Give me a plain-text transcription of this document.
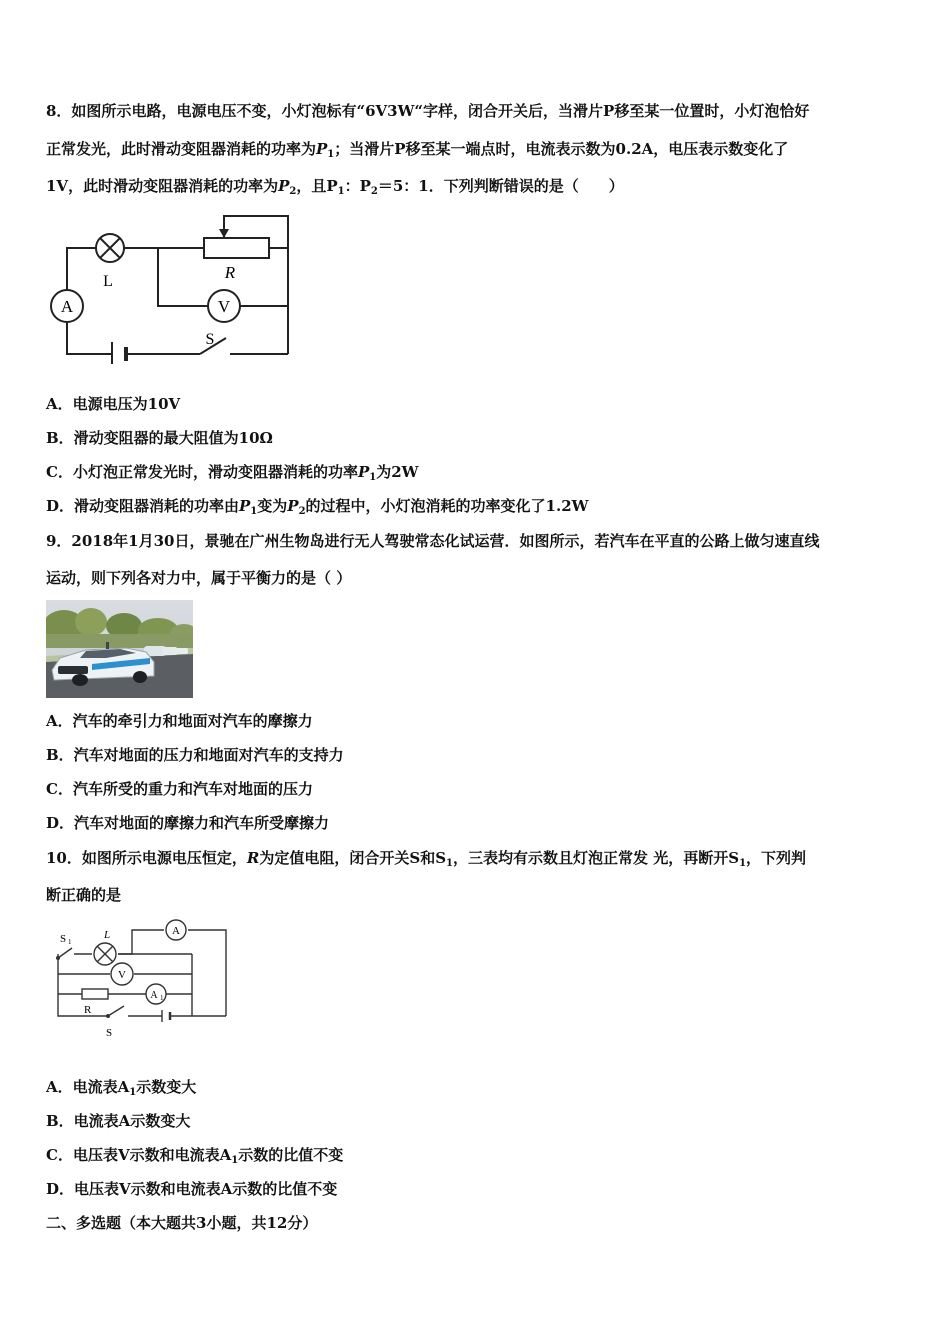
8．如图所示电路，电源电压不变，小灯泡标有“6V3W“字样，闭合开关后，当滑片P移至某一位置时，小灯泡恰好
正常发光，此时滑动变阻器消耗的功率为$P_1$；当滑片P移至某一端点时，电流表示数为0.2A，电压表示数变化了
1V，此时滑动变阻器消耗的功率为$P_2$，且$P_1$：$P_2=5$：1．下列判断错误的是（　　）
A	V
L	R
S
A．电源电压为10V
B．滑动变阻器的最大阻值为10Ω
C．小灯泡正常发光时，滑动变阻器消耗的功率$P_1$为2W
D．滑动变阻器消耗的功率由$P_1$变为$P_2$的过程中，小灯泡消耗的功率变化了1.2W
9．2018年1月30日，景驰在广州生物岛进行无人驾驶常态化试运营．如图所示，若汽车在平直的公路上做匀速直线
运动，则下列各对力中，属于平衡力的是（ ）
A．汽车的牵引力和地面对汽车的摩擦力
B．汽车对地面的压力和地面对汽车的支持力
C．汽车所受的重力和汽车对地面的压力
D．汽车对地面的摩擦力和汽车所受摩擦力
10．如图所示电源电压恒定，R为定值电阻，闭合开关S和$S_1$，三表均有示数且灯泡正常发 光，再断开$S_1$，下列判
断正确的是
A
V
A 1
S 1
L
R
S
A．电流表$A_1$示数变大
B．电流表A示数变大
C．电压表V示数和电流表$A_1$示数的比值不变
D．电压表V示数和电流表A示数的比值不变
二、多选题（本大题共3小题，共12分）
